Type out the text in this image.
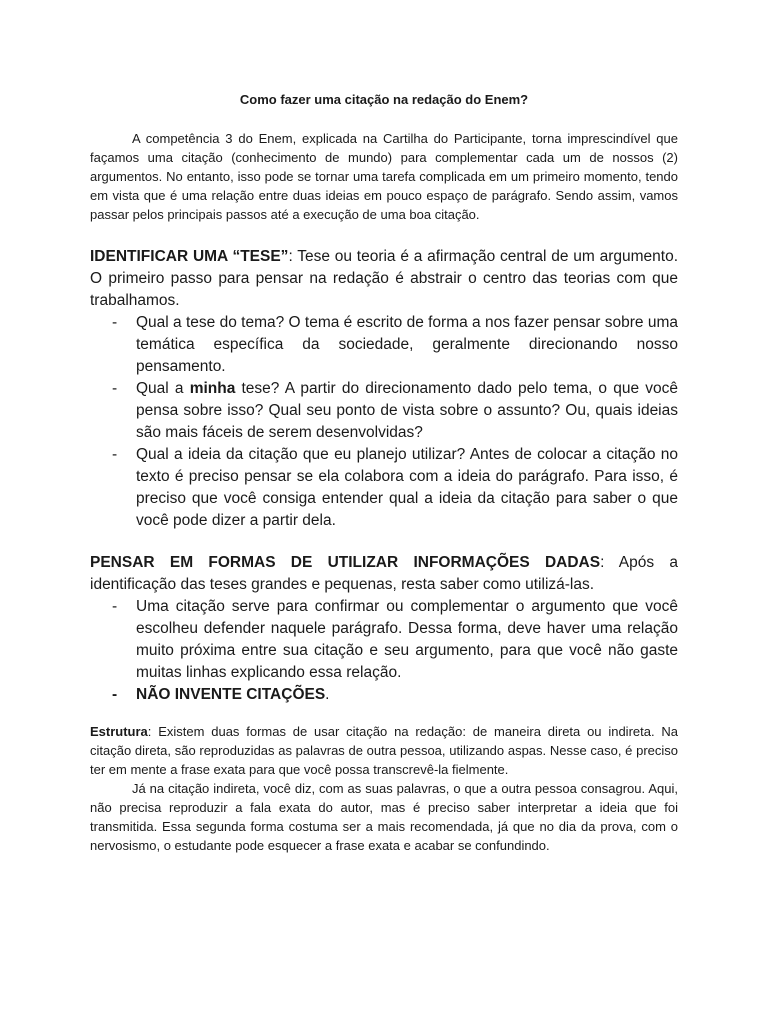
Como fazer uma citação na redação do Enem?

A competência 3 do Enem, explicada na Cartilha do Participante, torna imprescindível que façamos uma citação (conhecimento de mundo) para complementar cada um de nossos (2) argumentos. No entanto, isso pode se tornar uma tarefa complicada em um primeiro momento, tendo em vista que é uma relação entre duas ideias em pouco espaço de parágrafo. Sendo assim, vamos passar pelos principais passos até a execução de uma boa citação.

IDENTIFICAR UMA “TESE”: Tese ou teoria é a afirmação central de um argumento. O primeiro passo para pensar na redação é abstrair o centro das teorias com que trabalhamos.

- Qual a tese do tema? O tema é escrito de forma a nos fazer pensar sobre uma temática específica da sociedade, geralmente direcionando nosso pensamento.
- Qual a minha tese? A partir do direcionamento dado pelo tema, o que você pensa sobre isso? Qual seu ponto de vista sobre o assunto? Ou, quais ideias são mais fáceis de serem desenvolvidas?
- Qual a ideia da citação que eu planejo utilizar? Antes de colocar a citação no texto é preciso pensar se ela colabora com a ideia do parágrafo. Para isso, é preciso que você consiga entender qual a ideia da citação para saber o que você pode dizer a partir dela.

PENSAR EM FORMAS DE UTILIZAR INFORMAÇÕES DADAS: Após a identificação das teses grandes e pequenas, resta saber como utilizá-las.

- Uma citação serve para confirmar ou complementar o argumento que você escolheu defender naquele parágrafo. Dessa forma, deve haver uma relação muito próxima entre sua citação e seu argumento, para que você não gaste muitas linhas explicando essa relação.
- NÃO INVENTE CITAÇÕES.
Estrutura: Existem duas formas de usar citação na redação: de maneira direta ou indireta. Na citação direta, são reproduzidas as palavras de outra pessoa, utilizando aspas. Nesse caso, é preciso ter em mente a frase exata para que você possa transcrevê-la fielmente.
Já na citação indireta, você diz, com as suas palavras, o que a outra pessoa consagrou. Aqui, não precisa reproduzir a fala exata do autor, mas é preciso saber interpretar a ideia que foi transmitida. Essa segunda forma costuma ser a mais recomendada, já que no dia da prova, com o nervosismo, o estudante pode esquecer a frase exata e acabar se confundindo.
